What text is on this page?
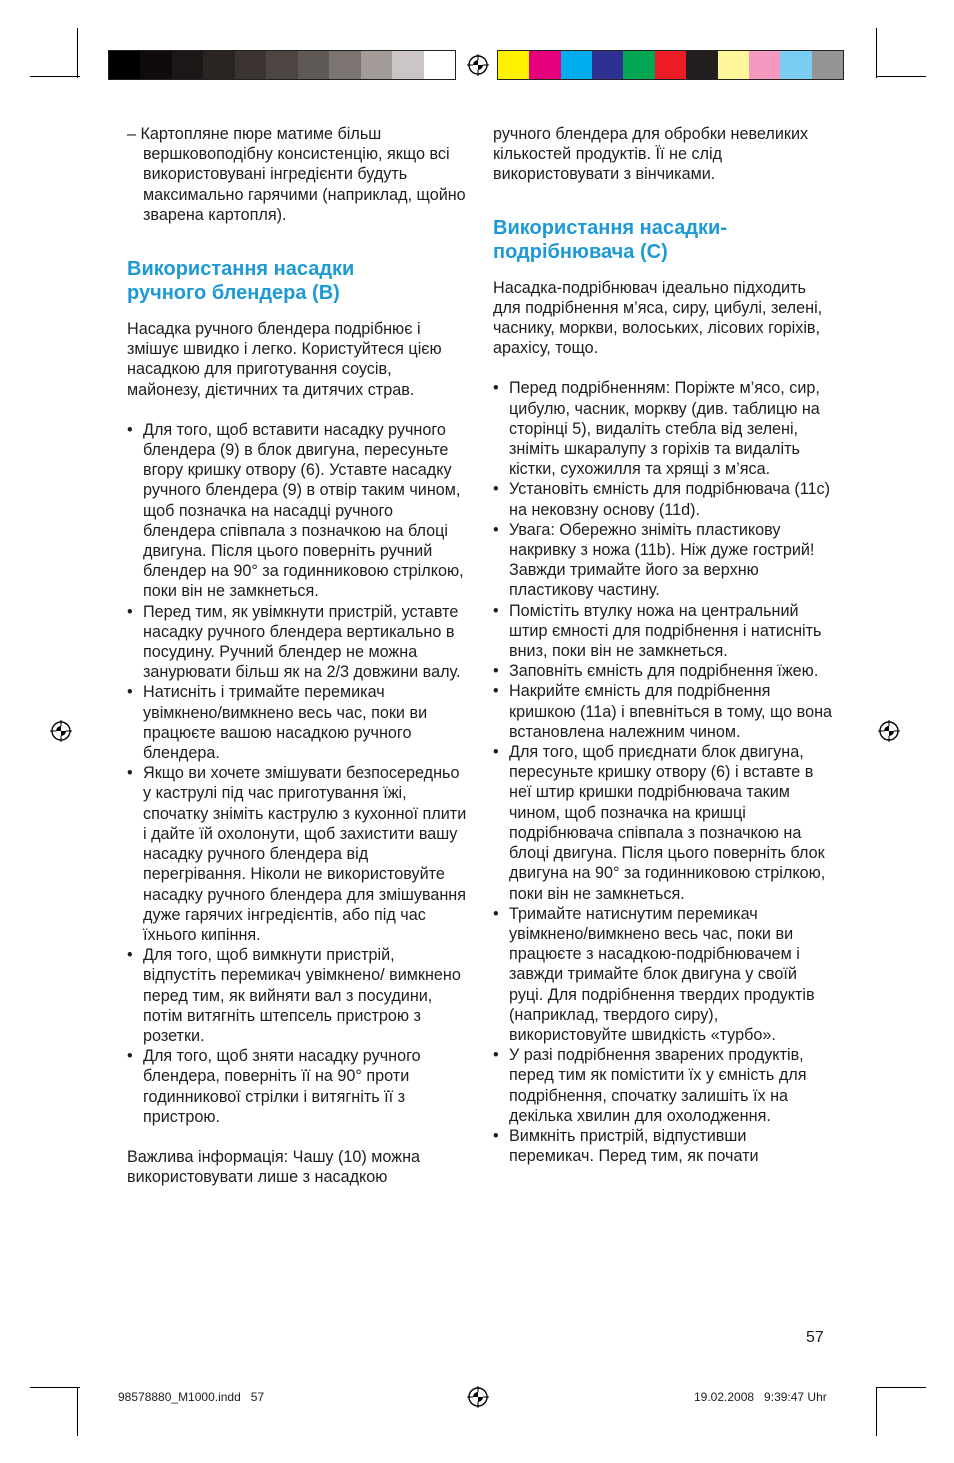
– Картопляне пюре матиме більш вершковоподібну консистенцію, якщо всі використовувані інгредієнти будуть максимально гарячими (наприклад, щойно зварена картопля).

Використання насадки ручного блендера (B)

Насадка ручного блендера подрібнює і змішує швидко і легко. Користуйтеся цією насадкою для приготування соусів, майонезу, дієтичних та дитячих страв.

• Для того, щоб вставити насадку ручного блендера (9) в блок двигуна, пересуньте вгору кришку отвору (6). Уставте насадку ручного блендера (9) в отвір таким чином, щоб позначка на насадці ручного блендера співпала з позначкою на блоці двигуна. Після цього поверніть ручний блендер на 90° за годинниковою стрілкою, поки він не замкнеться.
• Перед тим, як увімкнути пристрій, уставте насадку ручного блендера вертикально в посудину. Ручний блендер не можна занурювати більш як на 2/3 довжини валу.
• Натисніть і тримайте перемикач увімкнено/вимкнено весь час, поки ви працюєте вашою насадкою ручного блендера.
• Якщо ви хочете змішувати безпосередньо у каструлі під час приготування їжі, спочатку зніміть каструлю з кухонної плити і дайте їй охолонути, щоб захистити вашу насадку ручного блендера від перегрівання. Ніколи не використовуйте насадку ручного блендера для змішування дуже гарячих інгредієнтів, або під час їхнього кипіння.
• Для того, щоб вимкнути пристрій, відпустіть перемикач увімкнено/ вимкнено перед тим, як вийняти вал з посудини, потім витягніть штепсель пристрою з розетки.
• Для того, щоб зняти насадку ручного блендера, поверніть її на 90° проти годинникової стрілки і витягніть її з пристрою.

Важлива інформація: Чашу (10) можна використовувати лише з насадкою

ручного блендера для обробки невеликих кількостей продуктів. Її не слід використовувати з вінчиками.

Використання насадки-подрібнювача (C)

Насадка-подрібнювач ідеально підходить для подрібнення м’яса, сиру, цибулі, зелені, часнику, моркви, волоських, лісових горіхів, арахісу, тощо.

• Перед подрібненням: Поріжте м’ясо, сир, цибулю, часник, моркву (див. таблицю на сторінці 5), видаліть стебла від зелені, зніміть шкаралупу з горіхів та видаліть кістки, сухожилля та хрящі з м’яса.
• Установіть ємність для подрібнювача (11c) на нековзну основу (11d).
• Увага: Обережно зніміть пластикову накривку з ножа (11b). Ніж дуже гострий! Завжди тримайте його за верхню пластикову частину.
• Помістіть втулку ножа на центральний штир ємності для подрібнення і натисніть вниз, поки він не замкнеться.
• Заповніть ємність для подрібнення їжею.
• Накрийте ємність для подрібнення кришкою (11a) і впевніться в тому, що вона встановлена належним чином.
• Для того, щоб приєднати блок двигуна, пересуньте кришку отвору (6) і вставте в неї штир кришки подрібнювача таким чином, щоб позначка на кришці подрібнювача співпала з позначкою на блоці двигуна. Після цього поверніть блок двигуна на 90° за годинниковою стрілкою, поки він не замкнеться.
• Тримайте натиснутим перемикач увімкнено/вимкнено весь час, поки ви працюєте з насадкою-подрібнювачем і завжди тримайте блок двигуна у своїй руці. Для подрібнення твердих продуктів (наприклад, твердого сиру), використовуйте швидкість «турбо».
• У разі подрібнення зварених продуктів, перед тим як помістити їх у ємність для подрібнення, спочатку залишіть їх на декілька хвилин для охолодження.
• Вимкніть пристрій, відпустивши перемикач. Перед тим, як почати
57
98578880_M1000.indd   57	19.02.2008   9:39:47 Uhr
